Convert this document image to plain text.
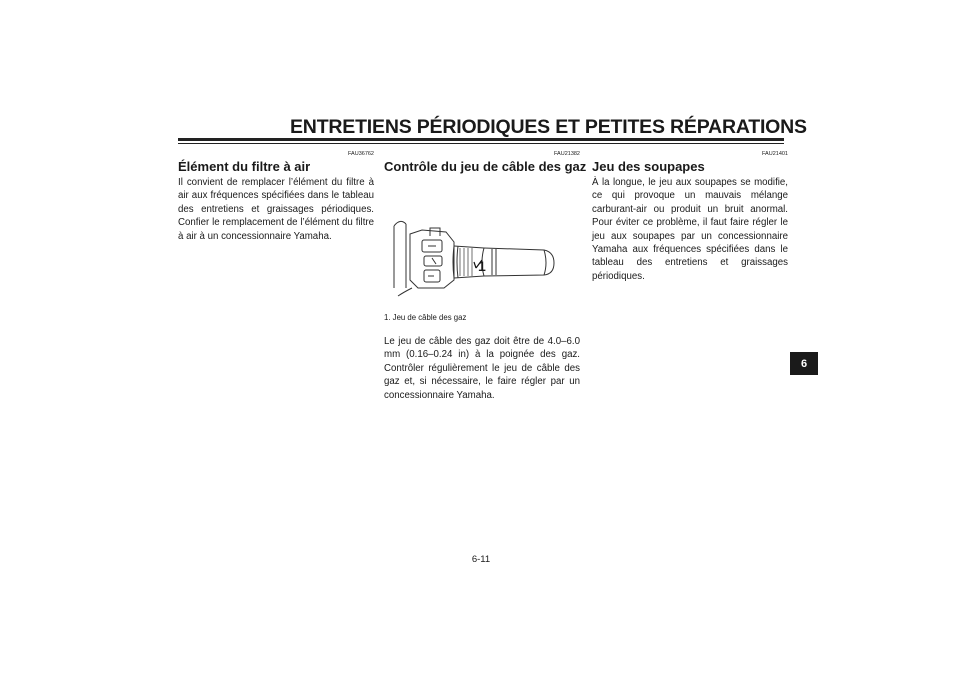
ENTRETIENS PÉRIODIQUES ET PETITES RÉPARATIONS
FAU36762
Élément du filtre à air

Il convient de remplacer l’élément du filtre à air aux fréquences spécifiées dans le tableau des entretiens et graissages périodiques. Confier le remplacement de l’élément du filtre à air à un concessionnaire Yamaha.

FAU21382
Contrôle du jeu de câble des gaz
1
1. Jeu de câble des gaz

Le jeu de câble des gaz doit être de 4.0–6.0 mm (0.16–0.24 in) à la poignée des gaz. Contrôler régulièrement le jeu de câble des gaz et, si nécessaire, le faire régler par un concessionnaire Yamaha.

FAU21401
Jeu des soupapes

À la longue, le jeu aux soupapes se modifie, ce qui provoque un mauvais mélange carburant-air ou produit un bruit anormal. Pour éviter ce problème, il faut faire régler le jeu aux soupapes par un concessionnaire Yamaha aux fréquences spécifiées dans le tableau des entretiens et graissages périodiques.

6
6-11
